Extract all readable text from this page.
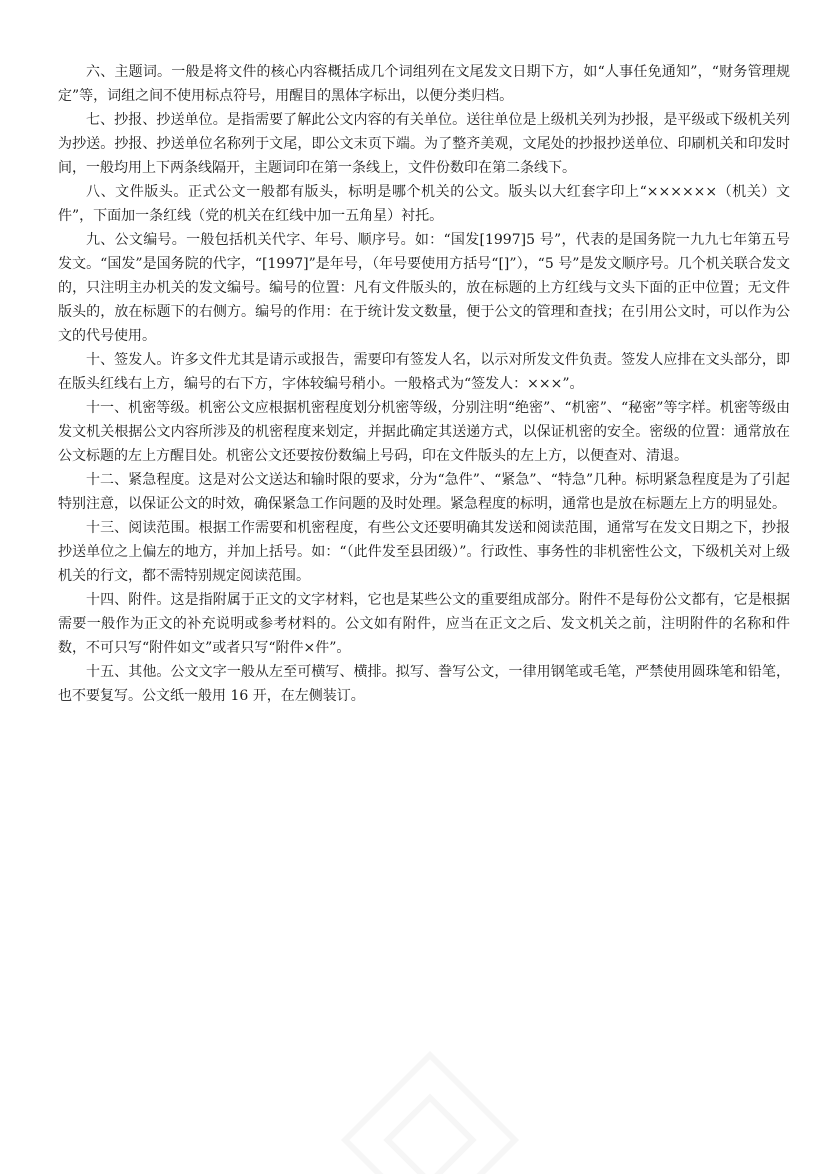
六、主题词。一般是将文件的核心内容概括成几个词组列在文尾发文日期下方，如“人事任免通知”，“财务管理规定”等，词组之间不使用标点符号，用醒目的黑体字标出，以便分类归档。

七、抄报、抄送单位。是指需要了解此公文内容的有关单位。送往单位是上级机关列为抄报，是平级或下级机关列为抄送。抄报、抄送单位名称列于文尾，即公文末页下端。为了整齐美观，文尾处的抄报抄送单位、印刷机关和印发时间，一般均用上下两条线隔开，主题词印在第一条线上，文件份数印在第二条线下。

八、文件版头。正式公文一般都有版头，标明是哪个机关的公文。版头以大红套字印上“××××××（机关）文件”，下面加一条红线（党的机关在红线中加一五角星）衬托。

九、公文编号。一般包括机关代字、年号、顺序号。如：“国发[1997]5 号”，代表的是国务院一九九七年第五号发文。“国发”是国务院的代字，“[1997]”是年号，（年号要使用方括号“[]”），“5 号”是发文顺序号。几个机关联合发文的，只注明主办机关的发文编号。编号的位置：凡有文件版头的，放在标题的上方红线与文头下面的正中位置；无文件版头的，放在标题下的右侧方。编号的作用：在于统计发文数量，便于公文的管理和查找；在引用公文时，可以作为公文的代号使用。

十、签发人。许多文件尤其是请示或报告，需要印有签发人名，以示对所发文件负责。签发人应排在文头部分，即在版头红线右上方，编号的右下方，字体较编号稍小。一般格式为“签发人：×××”。

十一、机密等级。机密公文应根据机密程度划分机密等级，分别注明“绝密”、“机密”、“秘密”等字样。机密等级由发文机关根据公文内容所涉及的机密程度来划定，并据此确定其送递方式，以保证机密的安全。密级的位置：通常放在公文标题的左上方醒目处。机密公文还要按份数编上号码，印在文件版头的左上方，以便查对、清退。

十二、紧急程度。这是对公文送达和输时限的要求，分为“急件”、“紧急”、“特急”几种。标明紧急程度是为了引起特别注意，以保证公文的时效，确保紧急工作问题的及时处理。紧急程度的标明，通常也是放在标题左上方的明显处。

十三、阅读范围。根据工作需要和机密程度，有些公文还要明确其发送和阅读范围，通常写在发文日期之下，抄报抄送单位之上偏左的地方，并加上括号。如：“（此件发至县团级）”。行政性、事务性的非机密性公文，下级机关对上级机关的行文，都不需特别规定阅读范围。

十四、附件。这是指附属于正文的文字材料，它也是某些公文的重要组成部分。附件不是每份公文都有，它是根据需要一般作为正文的补充说明或参考材料的。公文如有附件，应当在正文之后、发文机关之前，注明附件的名称和件数，不可只写“附件如文”或者只写“附件×件”。

十五、其他。公文文字一般从左至可横写、横排。拟写、誊写公文，一律用钢笔或毛笔，严禁使用圆珠笔和铅笔，也不要复写。公文纸一般用 16 开，在左侧装订。
